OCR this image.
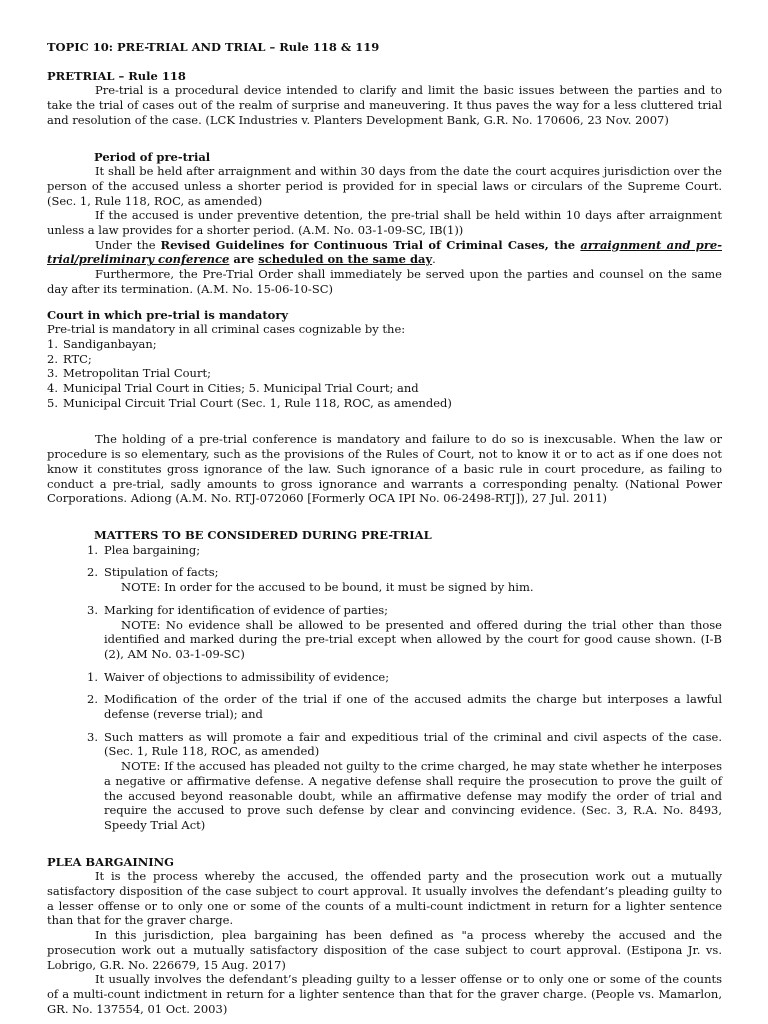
TOPIC 10: PRE-TRIAL AND TRIAL – Rule 118 & 119

PRETRIAL – Rule 118

Pre-trial is a procedural device intended to clarify and limit the basic issues between the parties and to take the trial of cases out of the realm of surprise and maneuvering. It thus paves the way for a less cluttered trial and resolution of the case. (LCK Industries v. Planters Development Bank, G.R. No. 170606, 23 Nov. 2007)

Period of pre-trial

It shall be held after arraignment and within 30 days from the date the court acquires jurisdiction over the person of the accused unless a shorter period is provided for in special laws or circulars of the Supreme Court. (Sec. 1, Rule 118, ROC, as amended)

If the accused is under preventive detention, the pre-trial shall be held within 10 days after arraignment unless a law provides for a shorter period. (A.M. No. 03-1-09-SC, IB(1))

Under the Revised Guidelines for Continuous Trial of Criminal Cases, the arraignment and pre-trial/preliminary conference are scheduled on the same day.

Furthermore, the Pre-Trial Order shall immediately be served upon the parties and counsel on the same day after its termination. (A.M. No. 15-06-10-SC)

Court in which pre-trial is mandatory

Pre-trial is mandatory in all criminal cases cognizable by the:

1. Sandiganbayan;
2. RTC;
3. Metropolitan Trial Court;
4. Municipal Trial Court in Cities; 5. Municipal Trial Court; and
5. Municipal Circuit Trial Court (Sec. 1, Rule 118, ROC, as amended)

The holding of a pre-trial conference is mandatory and failure to do so is inexcusable. When the law or procedure is so elementary, such as the provisions of the Rules of Court, not to know it or to act as if one does not know it constitutes gross ignorance of the law. Such ignorance of a basic rule in court procedure, as failing to conduct a pre-trial, sadly amounts to gross ignorance and warrants a corresponding penalty. (National Power Corporations. Adiong (A.M. No. RTJ-072060 [Formerly OCA IPI No. 06-2498-RTJ]), 27 Jul. 2011)

MATTERS TO BE CONSIDERED DURING PRE-TRIAL

1. Plea bargaining;
2. Stipulation of facts;

NOTE: In order for the accused to be bound, it must be signed by him.

3. Marking for identification of evidence of parties;

NOTE: No evidence shall be allowed to be presented and offered during the trial other than those identified and marked during the pre-trial except when allowed by the court for good cause shown. (I-B (2), AM No. 03-1-09-SC)

1. Waiver of objections to admissibility of evidence;
2. Modification of the order of the trial if one of the accused admits the charge but interposes a lawful defense (reverse trial); and
3. Such matters as will promote a fair and expeditious trial of the criminal and civil aspects of the case. (Sec. 1, Rule 118, ROC, as amended)

NOTE: If the accused has pleaded not guilty to the crime charged, he may state whether he interposes a negative or affirmative defense. A negative defense shall require the prosecution to prove the guilt of the accused beyond reasonable doubt, while an affirmative defense may modify the order of trial and require the accused to prove such defense by clear and convincing evidence. (Sec. 3, R.A. No. 8493, Speedy Trial Act)

PLEA BARGAINING

It is the process whereby the accused, the offended party and the prosecution work out a mutually satisfactory disposition of the case subject to court approval. It usually involves the defendant’s pleading guilty to a lesser offense or to only one or some of the counts of a multi-count indictment in return for a lighter sentence than that for the graver charge.

In this jurisdiction, plea bargaining has been defined as "a process whereby the accused and the prosecution work out a mutually satisfactory disposition of the case subject to court approval. (Estipona Jr. vs. Lobrigo, G.R. No. 226679, 15 Aug. 2017)

It usually involves the defendant’s pleading guilty to a lesser offense or to only one or some of the counts of a multi-count indictment in return for a lighter sentence than that for the graver charge. (People vs. Mamarlon, GR. No. 137554, 01 Oct. 2003)
